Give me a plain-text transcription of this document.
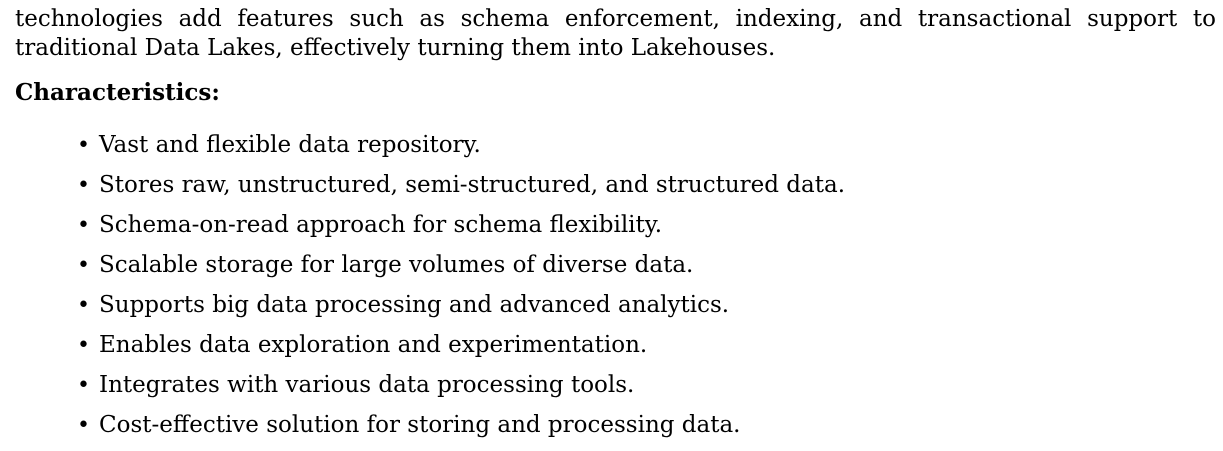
technologies add features such as schema enforcement, indexing, and transactional support to traditional Data Lakes, effectively turning them into Lakehouses.

Characteristics:

• Vast and flexible data repository.
• Stores raw, unstructured, semi-structured, and structured data.
• Schema-on-read approach for schema flexibility.
• Scalable storage for large volumes of diverse data.
• Supports big data processing and advanced analytics.
• Enables data exploration and experimentation.
• Integrates with various data processing tools.
• Cost-effective solution for storing and processing data.
